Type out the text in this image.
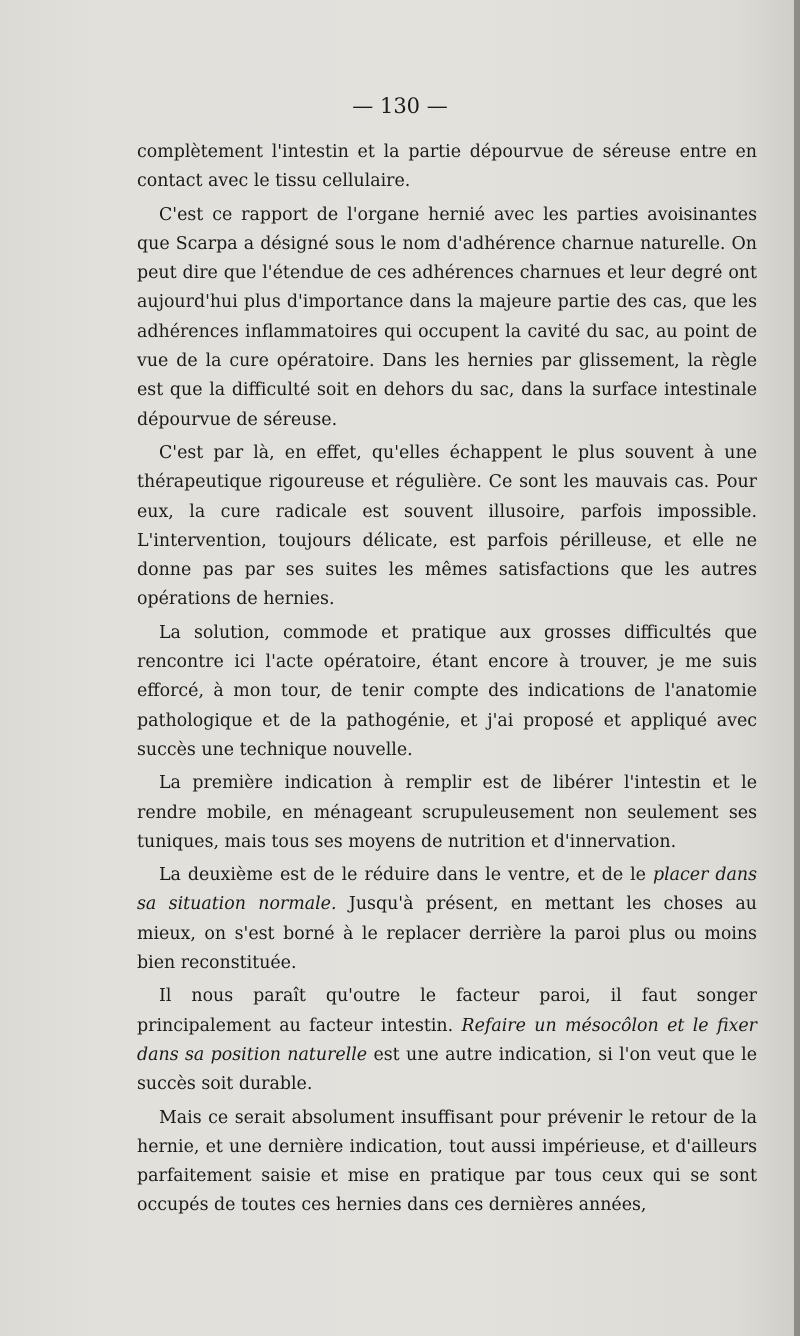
— 130 —

complètement l'intestin et la partie dépourvue de séreuse entre en contact avec le tissu cellulaire.

C'est ce rapport de l'organe hernié avec les parties avoisinantes que Scarpa a désigné sous le nom d'adhérence charnue naturelle. On peut dire que l'étendue de ces adhérences charnues et leur degré ont aujourd'hui plus d'importance dans la majeure partie des cas, que les adhérences inflammatoires qui occupent la cavité du sac, au point de vue de la cure opératoire. Dans les hernies par glissement, la règle est que la difficulté soit en dehors du sac, dans la surface intestinale dépourvue de séreuse.

C'est par là, en effet, qu'elles échappent le plus souvent à une thérapeutique rigoureuse et régulière. Ce sont les mauvais cas. Pour eux, la cure radicale est souvent illusoire, parfois impossible. L'intervention, toujours délicate, est parfois périlleuse, et elle ne donne pas par ses suites les mêmes satisfactions que les autres opérations de hernies.

La solution, commode et pratique aux grosses difficultés que rencontre ici l'acte opératoire, étant encore à trouver, je me suis efforcé, à mon tour, de tenir compte des indications de l'anatomie pathologique et de la pathogénie, et j'ai proposé et appliqué avec succès une technique nouvelle.

La première indication à remplir est de libérer l'intestin et le rendre mobile, en ménageant scrupuleusement non seulement ses tuniques, mais tous ses moyens de nutrition et d'innervation.

La deuxième est de le réduire dans le ventre, et de le placer dans sa situation normale. Jusqu'à présent, en mettant les choses au mieux, on s'est borné à le replacer derrière la paroi plus ou moins bien reconstituée.

Il nous paraît qu'outre le facteur paroi, il faut songer principalement au facteur intestin. Refaire un mésocôlon et le fixer dans sa position naturelle est une autre indication, si l'on veut que le succès soit durable.

Mais ce serait absolument insuffisant pour prévenir le retour de la hernie, et une dernière indication, tout aussi impérieuse, et d'ailleurs parfaitement saisie et mise en pratique par tous ceux qui se sont occupés de toutes ces hernies dans ces dernières années,
